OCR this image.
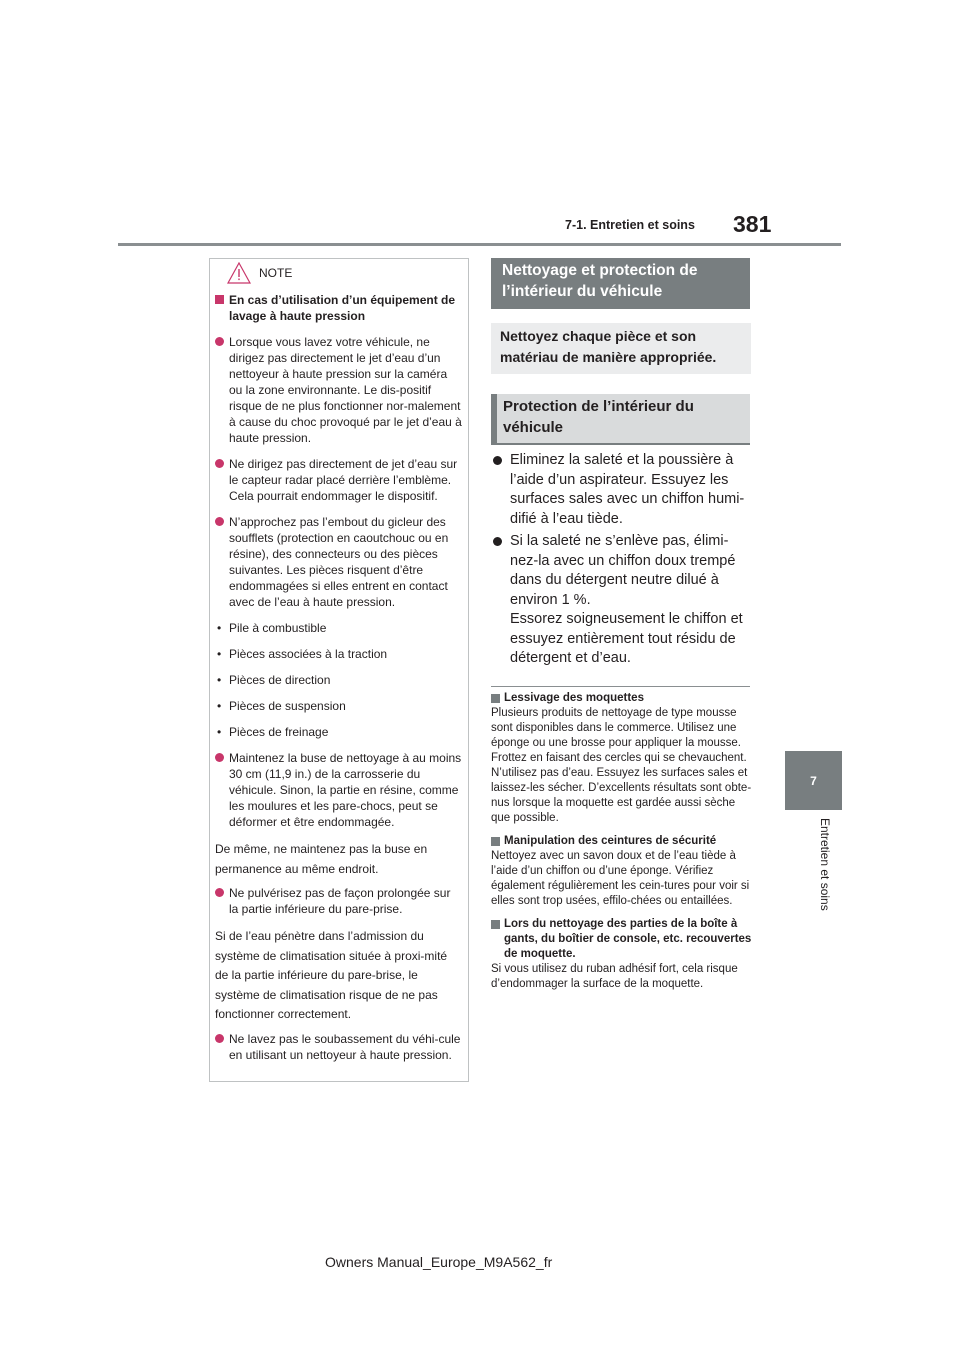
7-1. Entretien et soins 381
7
Entretien et soins
NOTE
En cas d’utilisation d’un équipement de lavage à haute pression
Lorsque vous lavez votre véhicule, ne dirigez pas directement le jet d’eau d’un nettoyeur à haute pression sur la caméra ou la zone environnante. Le dis-positif risque de ne plus fonctionner nor-malement à cause du choc provoqué par le jet d’eau à haute pression.
Ne dirigez pas directement de jet d’eau sur le capteur radar placé derrière l’emblème. Cela pourrait endommager le dispositif.
N’approchez pas l’embout du gicleur des soufflets (protection en caoutchouc ou en résine), des connecteurs ou des pièces suivantes. Les pièces risquent d’être endommagées si elles entrent en contact avec de l’eau à haute pression.
• Pile à combustible
• Pièces associées à la traction
• Pièces de direction
• Pièces de suspension
• Pièces de freinage
Maintenez la buse de nettoyage à au moins 30 cm (11,9 in.) de la carrosserie du véhicule. Sinon, la partie en résine, comme les moulures et les pare-chocs, peut se déformer et être endommagée.
De même, ne maintenez pas la buse en permanence au même endroit.
Ne pulvérisez pas de façon prolongée sur la partie inférieure du pare-prise.
Si de l’eau pénètre dans l’admission du système de climatisation située à proxi-mité de la partie inférieure du pare-brise, le système de climatisation risque de ne pas fonctionner correctement.
Ne lavez pas le soubassement du véhi-cule en utilisant un nettoyeur à haute pression.
Nettoyage et protection de l’intérieur du véhicule
Nettoyez chaque pièce et son matériau de manière appropriée.
Protection de l’intérieur du véhicule
Eliminez la saleté et la poussière à l’aide d’un aspirateur. Essuyez les surfaces sales avec un chiffon humi-difié à l’eau tiède.
Si la saleté ne s’enlève pas, élimi-nez-la avec un chiffon doux trempé dans du détergent neutre dilué à environ 1 %.
Essorez soigneusement le chiffon et essuyez entièrement tout résidu de détergent et d’eau.
Lessivage des moquettes
Plusieurs produits de nettoyage de type mousse sont disponibles dans le commerce. Utilisez une éponge ou une brosse pour appliquer la mousse. Frottez en faisant des cercles qui se chevauchent. N’utilisez pas d’eau. Essuyez les surfaces sales et laissez-les sécher. D’excellents résultats sont obte-nus lorsque la moquette est gardée aussi sèche que possible.
Manipulation des ceintures de sécurité
Nettoyez avec un savon doux et de l’eau tiède à l’aide d’un chiffon ou d’une éponge. Vérifiez également régulièrement les cein-tures pour voir si elles sont trop usées, effilo-chées ou entaillées.
Lors du nettoyage des parties de la boîte à gants, du boîtier de console, etc. recouvertes de moquette.
Si vous utilisez du ruban adhésif fort, cela risque d’endommager la surface de la moquette.
Owners Manual_Europe_M9A562_fr
